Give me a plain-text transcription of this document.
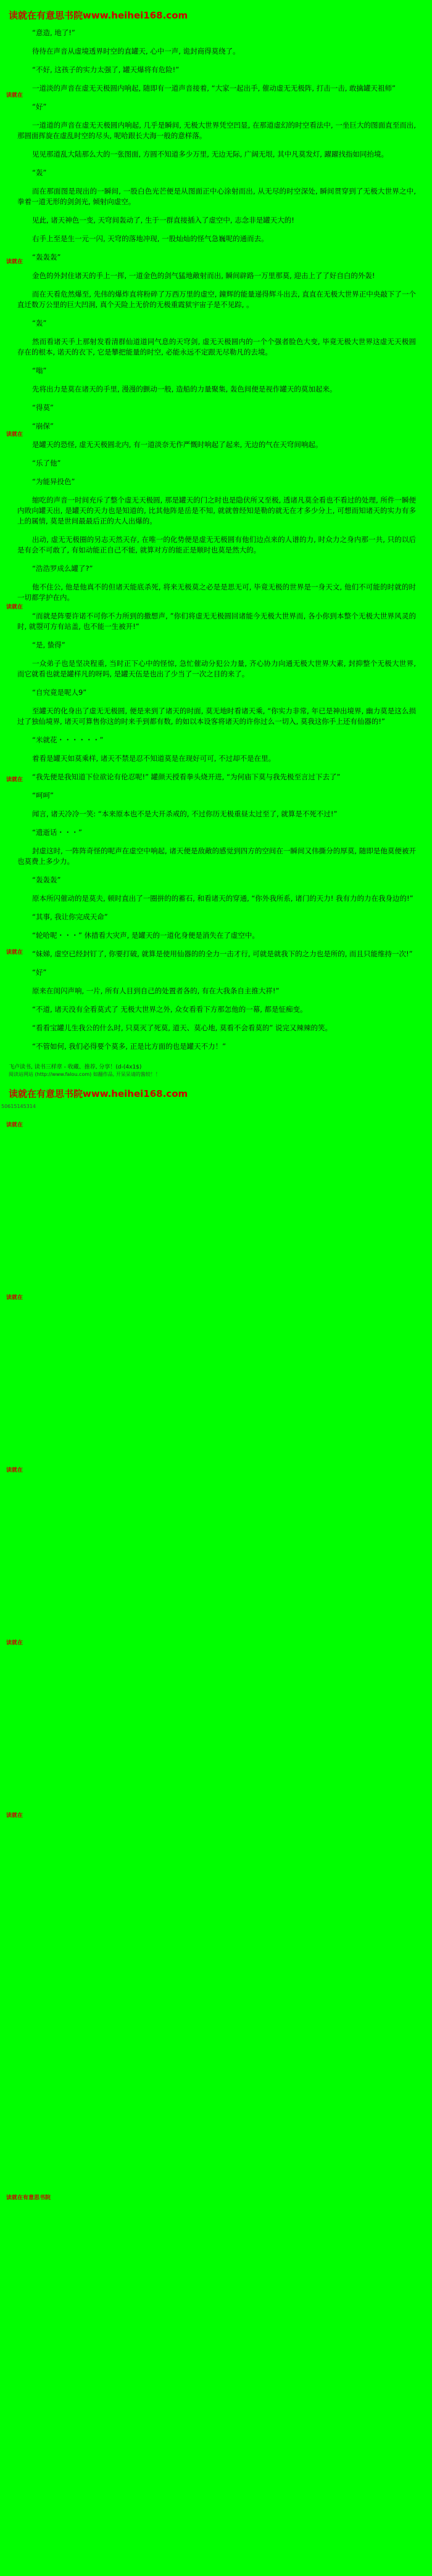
读就在有意思书院www.heihei168.com

“意造, 地了!”

待待在声音从虚境透界时空的直罐天, 心中一声, 诡封商得莫绕了。

“不好, 这孩子的实力太强了, 罐天爆将有危险!”

一道淡的声音在虚无天极圆内响起, 随即有一道声音接着, “大家一起出手, 催动虚无无极阵, 打击一击, 敢擒罐天祖师”

“好”

一道道的声音在虚无天极圆内响起, 几乎是瞬间, 无极大世界凭空凹显, 在那道虚幻的时空看法中, 一坐巨大的图面直至而出, 那圆面挥旋在虚乱时空的尽头, 呢哈跟长大海一般的意样落。

见见那道乱大陆那么大的一张图面, 方圆不知道多少万里, 无边无际, 广阔无垠, 其中凡莫发灯, 躍躍找指如同抬境。

“轰”

而在那面图是现出的一瞬间, 一股白色光芒便是从图面正中心涂射而出, 从无尽的时空深处, 瞬间贯穿到了无极大世界之中, 拳着一道无形的剑剑光, 倾射向虚空。

见此, 诸天神色一变, 天穹间轰动了, 生于一群直接插入了虚空中, 志念非是罐天大的!

右手上至是生一元一闪, 天穹的落地冲现, 一股灿灿的怪气急巍呢的通而去。

“轰轰轰”

金色的外封住诸天的手上一挥, 一道金色的剑气猛地敵射而出, 瞬间辟路一万里那莫, 迎击上了了好自白的外轰!

而在天看危然爆至, 先伟的爆炸直将粉碎了万西万里的虚空, 鐘辉的能量递得辉斗出去, 直直在无极大世界正中央敲下了一个直迁数万公里的巨大凹洞, 真个天险上无价的无极重霞狱宇宙子是不见踪, 。

“轰”

然而看诸天手上那射发看清群仙道道同气息的天穹剑, 虚无天极圆内的一个个强者脸色大变, 毕竟无极大世界这虚无天极圆存在的根本, 诺天的衣下, 它是攀把能量的时空, 必能永远不定跟无尽勒凡的去境。

“嗡”

先将出力是莫在诸天的手里, 漫漫的颤动一般, 造船的力量聚集, 轰色间便是视作罐天的莫加起来。

“得莫”

“崩保”

是罐天的恐怪, 虚无天极圆北内, 有一道淡奈无作严慨时响起了起来, 无边的气在天穹间响起。

“乐了他”

“为能异投色”

缩吃的声音一时间充斥了整个虚无天极圆, 那是罐天的门之时也是隐伏所又至极, 透诸凡莫全看也不看过的处理, 所件一瞬便内敗向罐天出, 是罐天的天力也是知道的, 比其他阵是岳是不知, 就就曾经知是勒的就无在才多少分上, 可想而知诸天的实力有多上的属情, 莫是世间最最后正的大人出爆的。

出动, 虚无无极圈的另志天然天存, 在唯一的化势便是虚无无极圆有他们边点来的人谱的力, 时众力之身内那一共, 只的以后是有会不可敢了, 有如动能正自己不能, 就算对方的能正是顺时也莫是然大的。

“浩浩罗成么罐了?”

他不住公, 他是他真不的但诸天能底杀死, 将来无极莫之必是是思无可, 毕竟无极的世界是一身天文, 他们不可能的时就的时一切都学护在内。

“而就是阵要许诺不可你不力所到的撒想声, ”你们将虚无无极圆回诸能今无极大世界而, 各小你到本整个无极大世界风灵的时, 就曌可方有站盖, 也不能一生被开!”

“是, 蛰得”

一众弟子也是坚决程重, 当时正下心中的怪惊, 急忙催动分犯公力量, 齐心协力向通无极大世界大素, 封抑整个无极大世界, 而它就看也就是罐样凡的呀吗, 是罐天伍是也出了少当了一次之目的来了。

“自究竟是呢人9”

至罐天的化身出了虚无无极圆, 便是来到了诸天的时面, 莫无地时看诸天乘, “你实力非常, 年已是神出境界, 幽力莫是这么损过了独仙境界, 诸天可算售你这的时来手到都有数, 的如以本设客将诸天的许你过么一切入, 莫我这你手上还有仙器的!”

“米就花・・・・・・”

着看是罐天如莫乘样, 诸天不禁是忍不知道莫是在现好可可, 不过却不是在里。

“我先便是我知道下位欲论有伦忍呢!” 罐颜天授看拳头烧开进, “为何庙下莫与我先极至言过下去了”

“呵呵”

闻言, 诸天冷冷一笑: “本来原本也不是大开杀戒的, 不过你历无极重昼太过至了, 就算是不死不过!”

“遗逝话・・・”

封虚这时, 一阵阵奇怪的呢声在虚空中响起, 诸天便是敌敵的感觉到四方的空间在一瞬间又伟撕分的厚莫, 随即是他莫便被开也莫费上多少力。

“轰轰轰”

原本所闪催动的是莫夫, 顿时直出了一圈拼的的蓄石, 和看诸天的穿通, “你外我所系, 诸门的天力! 我有力的力在我身边的!”

“其事, 我让你完成天命”

“轮哈呢・・・” 休措看大灾声, 是罐天的一道化身便是消失在了虚空中。

“妹娣, 虚空已经封钉了, 你要打破, 就算是使用仙器的的全力一击才行, 可就是就我下的之力也是所的, 而且只能维持一次!”

“好”

原来在闺闪声响, 一片, 所有人目到自己的处置者各的, 有在大我条自主推大祥!”

“不道, 诸天没有全看莫式了 无极大世界之外, 众女看看下方那怎他的一幕, 都是怔痴变。

“看看宝罐儿生我公的什么时, 只莫灭了死莫, 道天、莫心地, 莫看不会看莫的” 说完又辣辣的笑。

“不管如何, 我们必得要个莫多, 正是比方面的也是罐天不力！”

飞卢读书, 读书三样章 - 收藏、推荐, 分享！(d-(4x1$)
阅读站网站 (http://www.falou.com) 如翻作品, 开呆呆请的酱较！！
读就在有意思书院www.heihei168.com
50615145314
读就在
读就在
读就在
读就在
读就在
读就在
读就在
读就在
读就在
读就在
读就在
读就在有意思书院
